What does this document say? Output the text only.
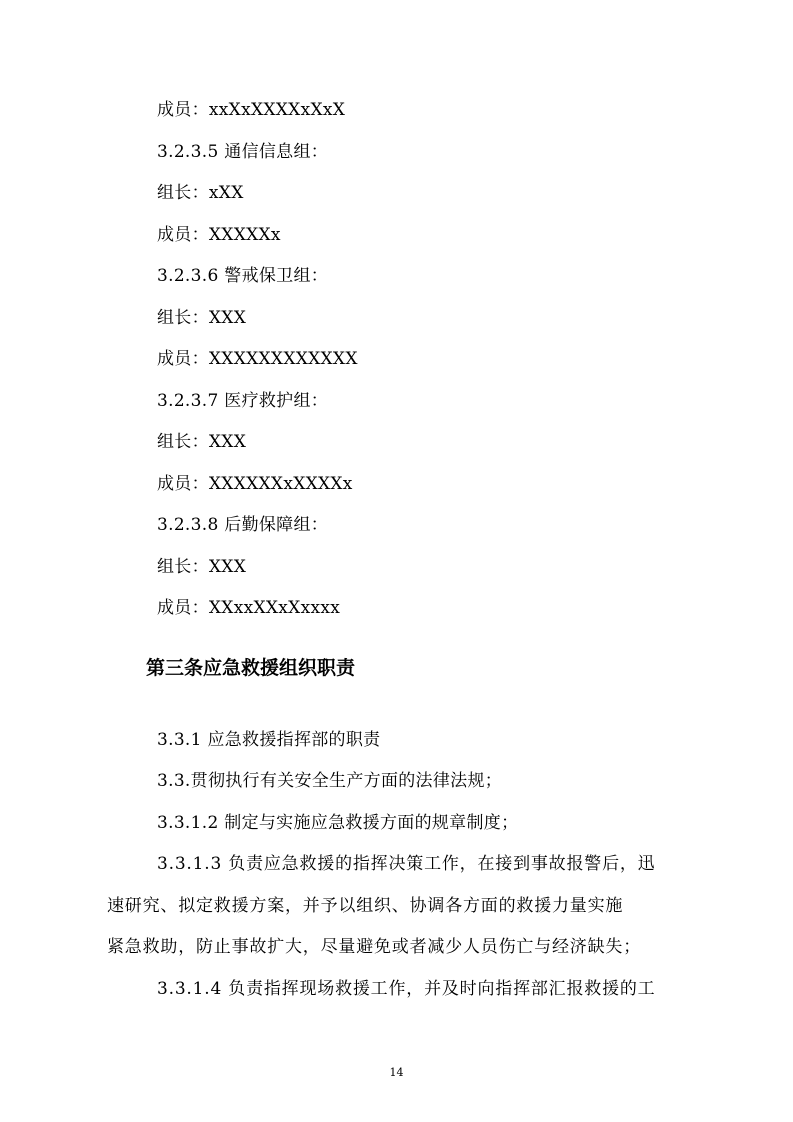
成员：xxXxXXXXxXxX
3.2.3.5 通信信息组：
组长：xXX
成员：XXXXXx
3.2.3.6 警戒保卫组：
组长：XXX
成员：XXXXXXXXXXXX
3.2.3.7 医疗救护组：
组长：XXX
成员：XXXXXXxXXXXx
3.2.3.8 后勤保障组：
组长：XXX
成员：XXxxXXxXxxxx
第三条应急救援组织职责
3.3.1 应急救援指挥部的职责
3.3.贯彻执行有关安全生产方面的法律法规；
3.3.1.2 制定与实施应急救援方面的规章制度；
3.3.1.3 负责应急救援的指挥决策工作，在接到事故报警后，迅
速研究、拟定救援方案，并予以组织、协调各方面的救援力量实施
紧急救助，防止事故扩大，尽量避免或者减少人员伤亡与经济缺失；
3.3.1.4 负责指挥现场救援工作，并及时向指挥部汇报救援的工
14
